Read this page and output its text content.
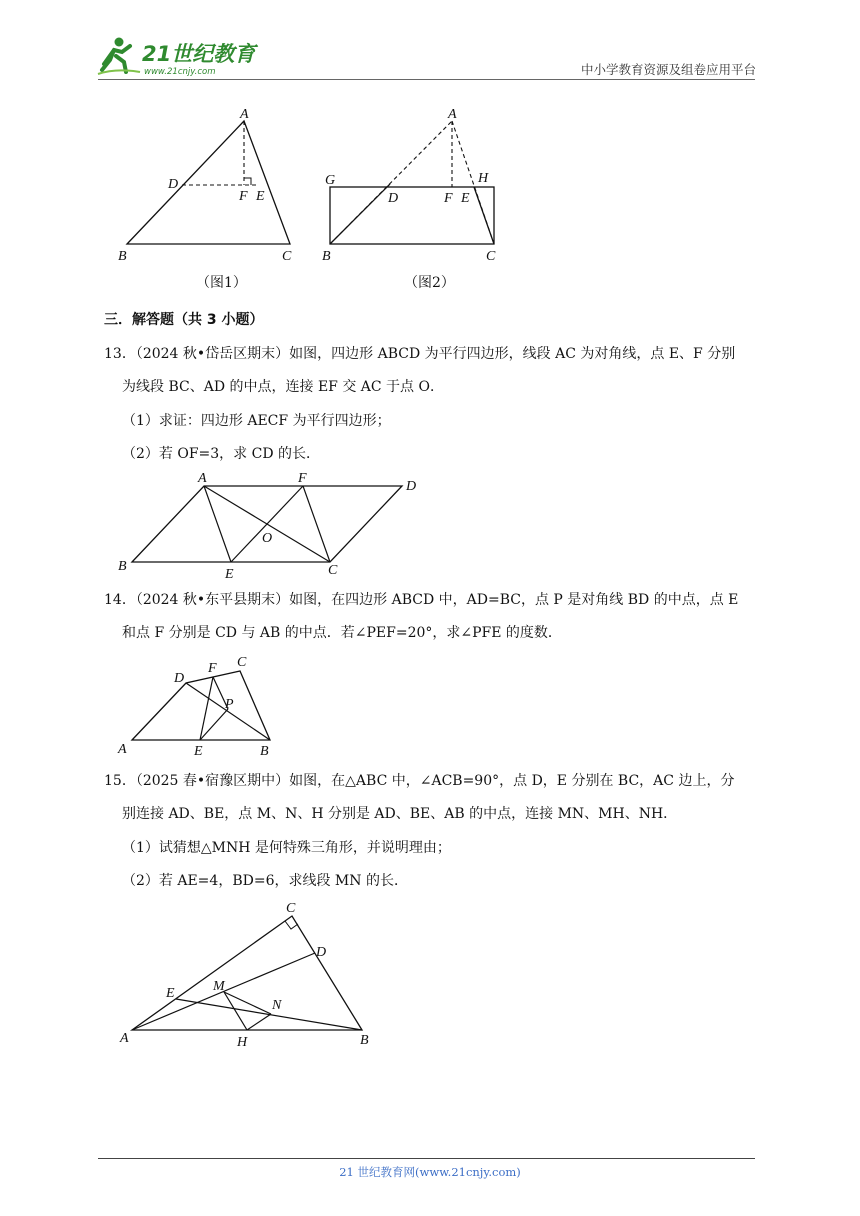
21世纪教育
www.21cnjy.com	中小学教育资源及组卷应用平台
A
D
F E
B	C
（图1）
A
G	H
D	F E
B	C
（图2）
三．解答题（共 3 小题）
13．（2024 秋•岱岳区期末）如图，四边形 ABCD 为平行四边形，线段 AC 为对角线，点 E、F 分别
为线段 BC、AD 的中点，连接 EF 交 AC 于点 O．
（1）求证：四边形 AECF 为平行四边形；
（2）若 OF=3，求 CD 的长．
A	F
D
O
B
E	C
14．（2024 秋•东平县期末）如图，在四边形 ABCD 中，AD=BC，点 P 是对角线 BD 的中点，点 E
和点 F 分别是 CD 与 AB 的中点．若∠PEF=20°，求∠PFE 的度数．
F C
D
P
A	E	B
15．（2025 春•宿豫区期中）如图，在△ABC 中，∠ACB=90°，点 D，E 分别在 BC，AC 边上，分
别连接 AD、BE，点 M、N、H 分别是 AD、BE、AB 的中点，连接 MN、MH、NH．
（1）试猜想△MNH 是何特殊三角形，并说明理由；
（2）若 AE=4，BD=6，求线段 MN 的长．
C
D
E	M
N
A	H	B
21 世纪教育网(www.21cnjy.com)
